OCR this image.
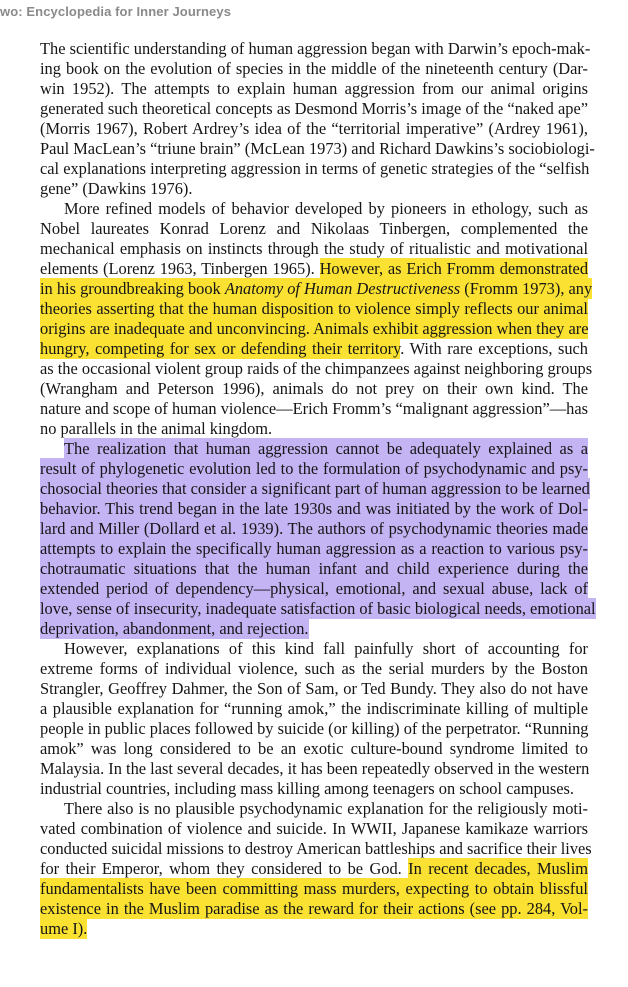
wo: Encyclopedia for Inner Journeys
The scientific understanding of human aggression began with Darwin’s epoch-mak-
ing book on the evolution of species in the middle of the nineteenth century (Dar-
win 1952). The attempts to explain human aggression from our animal origins
generated such theoretical concepts as Desmond Morris’s image of the “naked ape”
(Morris 1967), Robert Ardrey’s idea of the “territorial imperative” (Ardrey 1961),
Paul MacLean’s “triune brain” (McLean 1973) and Richard Dawkins’s sociobiologi-
cal explanations interpreting aggression in terms of genetic strategies of the “selfish
gene” (Dawkins 1976).
More refined models of behavior developed by pioneers in ethology, such as
Nobel laureates Konrad Lorenz and Nikolaas Tinbergen, complemented the
mechanical emphasis on instincts through the study of ritualistic and motivational
elements (Lorenz 1963, Tinbergen 1965). However, as Erich Fromm demonstrated
in his groundbreaking book Anatomy of Human Destructiveness (Fromm 1973), any
theories asserting that the human disposition to violence simply reflects our animal
origins are inadequate and unconvincing. Animals exhibit aggression when they are
hungry, competing for sex or defending their territory. With rare exceptions, such
as the occasional violent group raids of the chimpanzees against neighboring groups
(Wrangham and Peterson 1996), animals do not prey on their own kind. The
nature and scope of human violence—Erich Fromm’s “malignant aggression”—has
no parallels in the animal kingdom.
The realization that human aggression cannot be adequately explained as a
result of phylogenetic evolution led to the formulation of psychodynamic and psy-
chosocial theories that consider a significant part of human aggression to be learned
behavior. This trend began in the late 1930s and was initiated by the work of Dol-
lard and Miller (Dollard et al. 1939). The authors of psychodynamic theories made
attempts to explain the specifically human aggression as a reaction to various psy-
chotraumatic situations that the human infant and child experience during the
extended period of dependency—physical, emotional, and sexual abuse, lack of
love, sense of insecurity, inadequate satisfaction of basic biological needs, emotional
deprivation, abandonment, and rejection.
However, explanations of this kind fall painfully short of accounting for
extreme forms of individual violence, such as the serial murders by the Boston
Strangler, Geoffrey Dahmer, the Son of Sam, or Ted Bundy. They also do not have
a plausible explanation for “running amok,” the indiscriminate killing of multiple
people in public places followed by suicide (or killing) of the perpetrator. “Running
amok” was long considered to be an exotic culture-bound syndrome limited to
Malaysia. In the last several decades, it has been repeatedly observed in the western
industrial countries, including mass killing among teenagers on school campuses.
There also is no plausible psychodynamic explanation for the religiously moti-
vated combination of violence and suicide. In WWII, Japanese kamikaze warriors
conducted suicidal missions to destroy American battleships and sacrifice their lives
for their Emperor, whom they considered to be God. In recent decades, Muslim
fundamentalists have been committing mass murders, expecting to obtain blissful
existence in the Muslim paradise as the reward for their actions (see pp. 284, Vol-
ume I).
